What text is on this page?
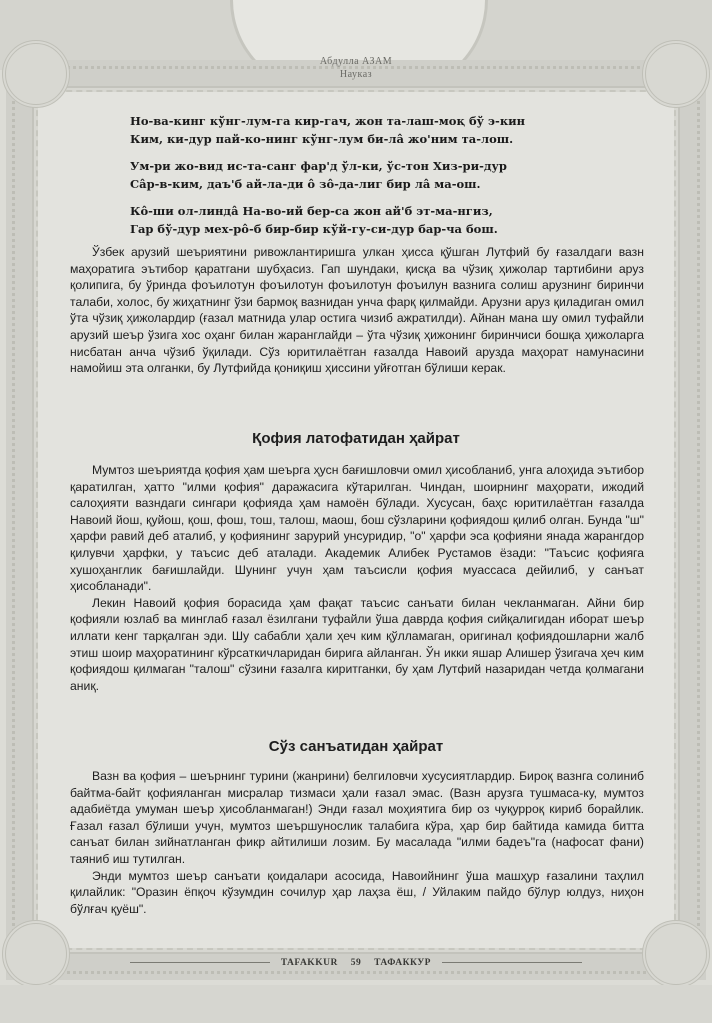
Абдулла АЗАМ
Науказ
Но-ва-кинг кўнг-лум-га кир-гач, жон та-лаш-моқ бў э-кин
Ким, ки-дур пай-ко-нинг кўнг-лум би-лâ жо'ним та-лош.
Ум-ри жо-вид ис-та-санг фар'д ўл-ки, ўс-тон Хиз-ри-дур
Сâр-в-ким, даъ'б ай-ла-ди ô зô-да-лиг бир лâ ма-ош.
Кô-ши ол-линдâ На-во-ий бер-са жон ай'б эт-ма-нгиз,
Гар бў-дур мех-рô-б бир-бир кўй-гу-си-дур бар-ча бош.

Ўзбек арузий шеъриятини ривожлантиришга улкан ҳисса қўшган Лутфий бу ғазалдаги вазн маҳоратига эътибор қаратгани шубҳасиз. Гап шундаки, қисқа ва чўзиқ ҳижолар тартибини аруз қолипига, бу ўринда фоъилотун фоъилотун фоъилотун фоъилун вазнига солиш арузнинг биринчи талаби, холос, бу жиҳатнинг ўзи бармоқ вазнидан унча фарқ қилмайди. Арузни аруз қиладиган омил ўта чўзиқ ҳижолардир (ғазал матнида улар остига чизиб ажратилди). Айнан мана шу омил туфайли арузий шеър ўзига хос оҳанг билан жаранглайди – ўта чўзиқ ҳижонинг биринчиси бошқа ҳижоларга нисбатан анча чўзиб ўқилади. Сўз юритилаётган ғазалда Навоий арузда маҳорат намунасини намойиш эта олганки, бу Лутфийда қониқиш ҳиссини уйғотган бўлиши керак.

Қофия латофатидан ҳайрат

Мумтоз шеъриятда қофия ҳам шеърга ҳусн бағишловчи омил ҳисобланиб, унга алоҳида эътибор қаратилган, ҳатто "илми қофия" даражасига кўтарилган. Чиндан, шоирнинг маҳорати, ижодий салоҳияти вазндаги сингари қофияда ҳам намоён бўлади. Хусусан, баҳс юритилаётган ғазалда Навоий йош, қуйош, қош, фош, тош, талош, маош, бош сўзларини қофиядош қилиб олган. Бунда "ш" ҳарфи равий деб аталиб, у қофиянинг зарурий унсуридир, "о" ҳарфи эса қофияни янада жарангдор қилувчи ҳарфки, у таъсис деб аталади. Академик Алибек Рустамов ёзади: "Таъсис қофияга хушоҳанглик бағишлайди. Шунинг учун ҳам таъсисли қофия муассаса дейилиб, у санъат ҳисобланади".

Лекин Навоий қофия борасида ҳам фақат таъсис санъати билан чекланмаган. Айни бир қофияли юзлаб ва минглаб ғазал ёзилгани туфайли ўша даврда қофия сийқалигидан иборат шеър иллати кенг тарқалган эди. Шу сабабли ҳали ҳеч ким қўлламаган, оригинал қофиядошларни жалб этиш шоир маҳоратининг кўрсаткичларидан бирига айланган. Ўн икки яшар Алишер ўзигача ҳеч ким қофиядош қилмаган "талош" сўзини ғазалга киритганки, бу ҳам Лутфий назаридан четда қолмагани аниқ.

Сўз санъатидан ҳайрат

Вазн ва қофия – шеърнинг турини (жанрини) белгиловчи хусусиятлардир. Бироқ вазнга солиниб байтма-байт қофияланган мисралар тизмаси ҳали ғазал эмас. (Вазн арузга тушмаса-ку, мумтоз адабиётда умуман шеър ҳисобланмаган!) Энди ғазал моҳиятига бир оз чуқурроқ кириб борайлик. Ғазал ғазал бўлиши учун, мумтоз шеършунослик талабига кўра, ҳар бир байтида камида битта санъат билан зийнатланган фикр айтилиши лозим. Бу масалада "илми бадеъ"га (нафосат фани) таяниб иш тутилган.

Энди мумтоз шеър санъати қоидалари асосида, Навоийнинг ўша машҳур ғазалини таҳлил қилайлик: "Оразин ёпқоч кўзумдин сочилур ҳар лаҳза ёш, / Уйлаким пайдо бўлур юлдуз, ниҳон бўлғач қуёш".

TAFAKKUR 59 ТАФАККУР
